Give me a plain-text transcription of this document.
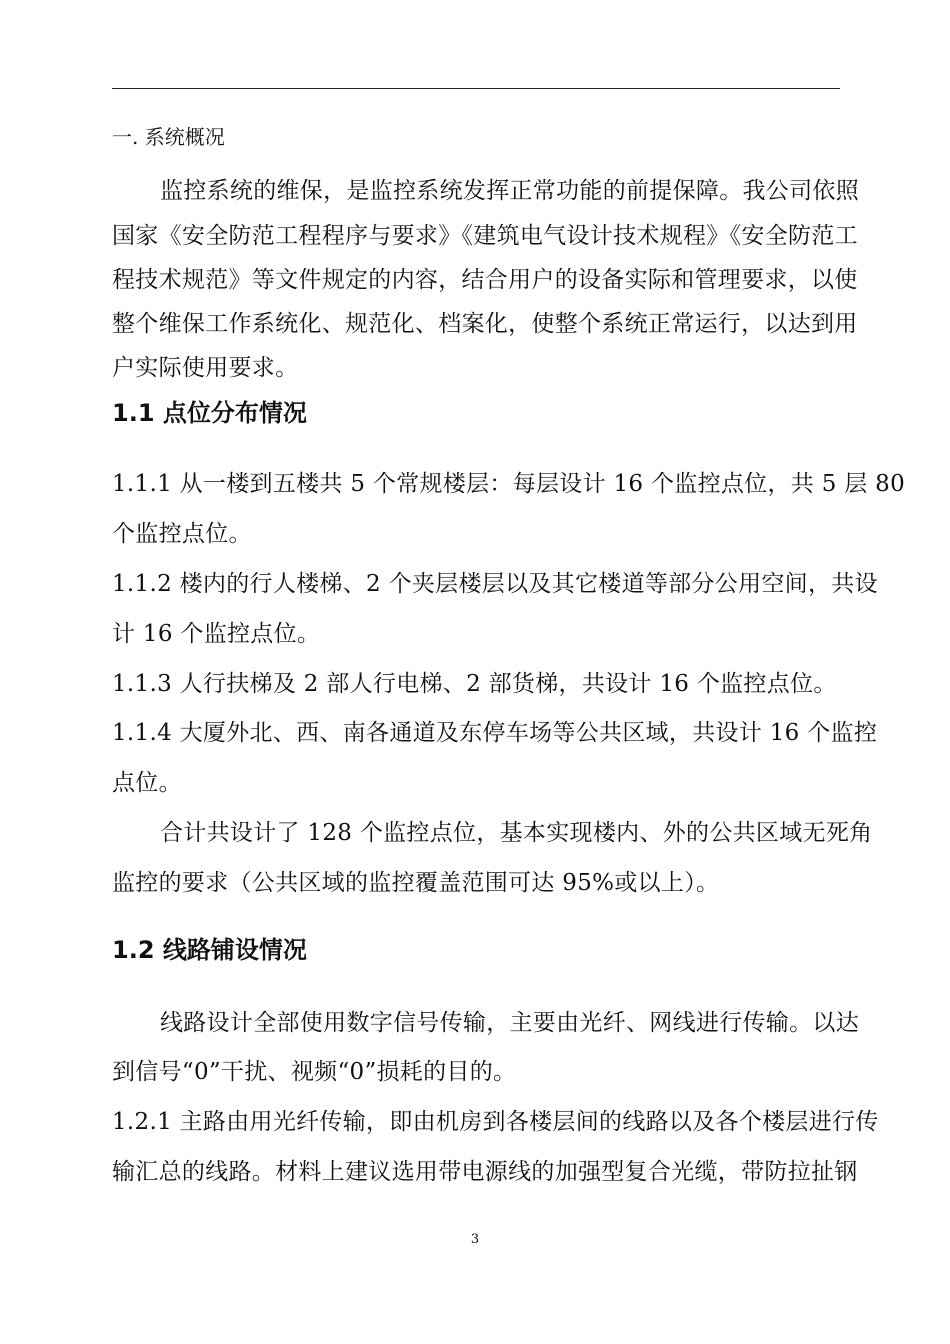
一. 系统概况
监控系统的维保，是监控系统发挥正常功能的前提保障。我公司依照
国家《安全防范工程程序与要求》《建筑电气设计技术规程》《安全防范工
程技术规范》等文件规定的内容，结合用户的设备实际和管理要求，以使
整个维保工作系统化、规范化、档案化，使整个系统正常运行，以达到用
户实际使用要求。
1.1 点位分布情况
1.1.1 从一楼到五楼共 5 个常规楼层：每层设计 16 个监控点位，共 5 层 80
个监控点位。
1.1.2 楼内的行人楼梯、2 个夹层楼层以及其它楼道等部分公用空间，共设
计 16 个监控点位。
1.1.3 人行扶梯及 2 部人行电梯、2 部货梯，共设计 16 个监控点位。
1.1.4 大厦外北、西、南各通道及东停车场等公共区域，共设计 16 个监控
点位。
合计共设计了 128 个监控点位，基本实现楼内、外的公共区域无死角
监控的要求（公共区域的监控覆盖范围可达 95%或以上）。
1.2 线路铺设情况
线路设计全部使用数字信号传输，主要由光纤、网线进行传输。以达
到信号“0”干扰、视频“0”损耗的目的。
1.2.1 主路由用光纤传输，即由机房到各楼层间的线路以及各个楼层进行传
输汇总的线路。材料上建议选用带电源线的加强型复合光缆，带防拉扯钢
3
